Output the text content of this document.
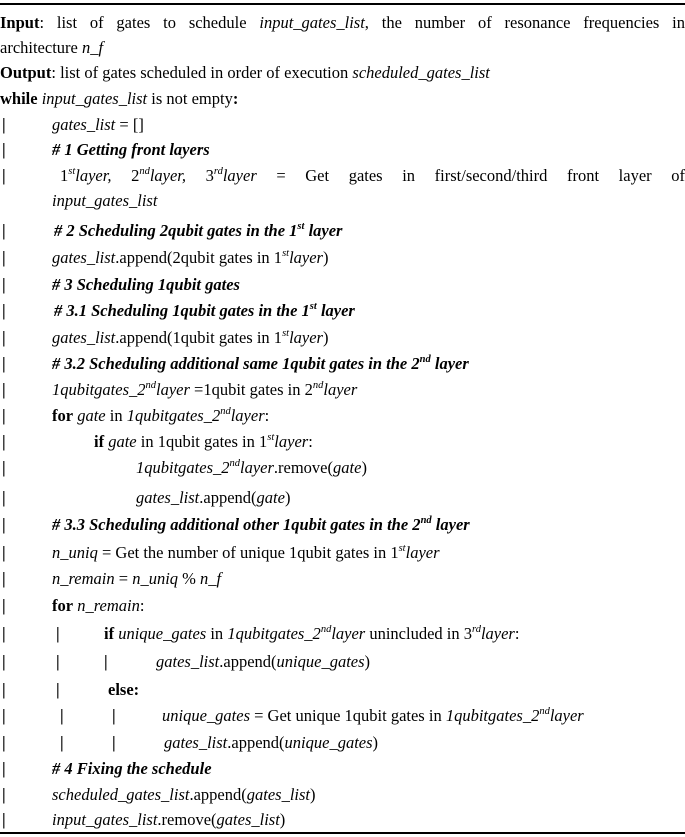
Input: list of gates to schedule input_gates_list, the number of resonance frequencies in
architecture n_f
Output: list of gates scheduled in order of execution scheduled_gates_list
while input_gates_list is not empty:
|	gates_list = []
|	# 1 Getting front layers
|	1stlayer, 2ndlayer, 3rdlayer = Get gates in first/second/third front layer of
input_gates_list
|	# 2 Scheduling 2qubit gates in the 1st layer
|	gates_list.append(2qubit gates in 1stlayer)
|	# 3 Scheduling 1qubit gates
|	# 3.1 Scheduling 1qubit gates in the 1st layer
|	gates_list.append(1qubit gates in 1stlayer)
|	# 3.2 Scheduling additional same 1qubit gates in the 2nd layer
|	1qubitgates_2ndlayer =1qubit gates in 2ndlayer
|	for gate in 1qubitgates_2ndlayer:
|	if gate in 1qubit gates in 1stlayer:
|	1qubitgates_2ndlayer.remove(gate)
|	gates_list.append(gate)
|	# 3.3 Scheduling additional other 1qubit gates in the 2nd layer
|	n_uniq = Get the number of unique 1qubit gates in 1stlayer
|	n_remain = n_uniq % n_f
|	for n_remain:
|	|	if unique_gates in 1qubitgates_2ndlayer unincluded in 3rdlayer:
|	|	|	gates_list.append(unique_gates)
|	|	else:
|	|	|	unique_gates = Get unique 1qubit gates in 1qubitgates_2ndlayer
|	|	|	gates_list.append(unique_gates)
|	# 4 Fixing the schedule
|	scheduled_gates_list.append(gates_list)
|	input_gates_list.remove(gates_list)
